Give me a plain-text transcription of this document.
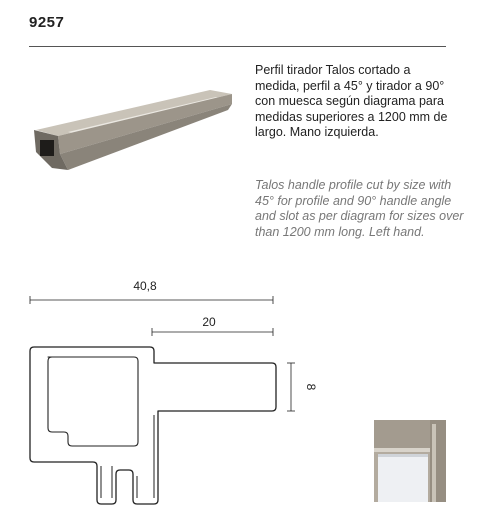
9257
Perfil tirador Talos cortado a medida, perfil a 45° y tirador a 90° con muesca según diagrama para medidas superiores a 1200 mm de largo. Mano izquierda.
Talos handle profile cut by size with 45° for profile and 90° handle angle and slot as per diagram for sizes over than 1200 mm long. Left hand.
40,8
20
8
